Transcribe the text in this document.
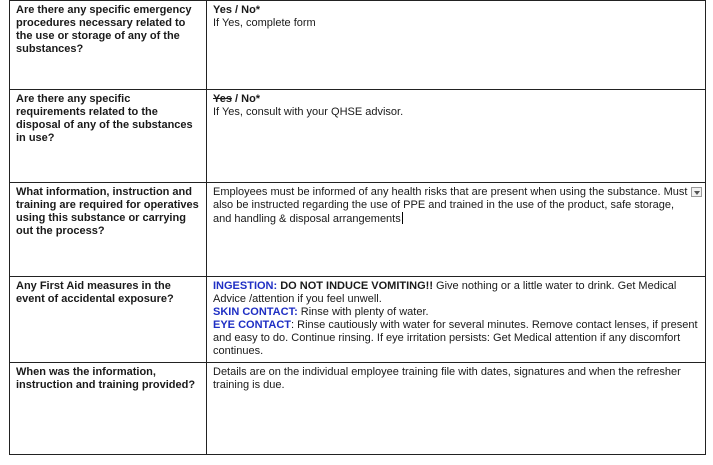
Are there any specific emergency procedures necessary related to the use or storage of any of the substances?	Yes / No*
If Yes, complete form

Are there any specific requirements related to the disposal of any of the substances in use?	Yes / No*
If Yes, consult with your QHSE advisor.

What information, instruction and training are required for operatives using this substance or carrying out the process?	Employees must be informed of any health risks that are present when using the substance. Must also be instructed regarding the use of PPE and trained in the use of the product, safe storage, and handling & disposal arrangements

Any First Aid measures in the event of accidental exposure?	INGESTION: DO NOT INDUCE VOMITING!! Give nothing or a little water to drink. Get Medical Advice /attention if you feel unwell.
SKIN CONTACT: Rinse with plenty of water.
EYE CONTACT: Rinse cautiously with water for several minutes. Remove contact lenses, if present and easy to do. Continue rinsing. If eye irritation persists: Get Medical attention if any discomfort continues.

When was the information, instruction and training provided?	Details are on the individual employee training file with dates, signatures and when the refresher training is due.
